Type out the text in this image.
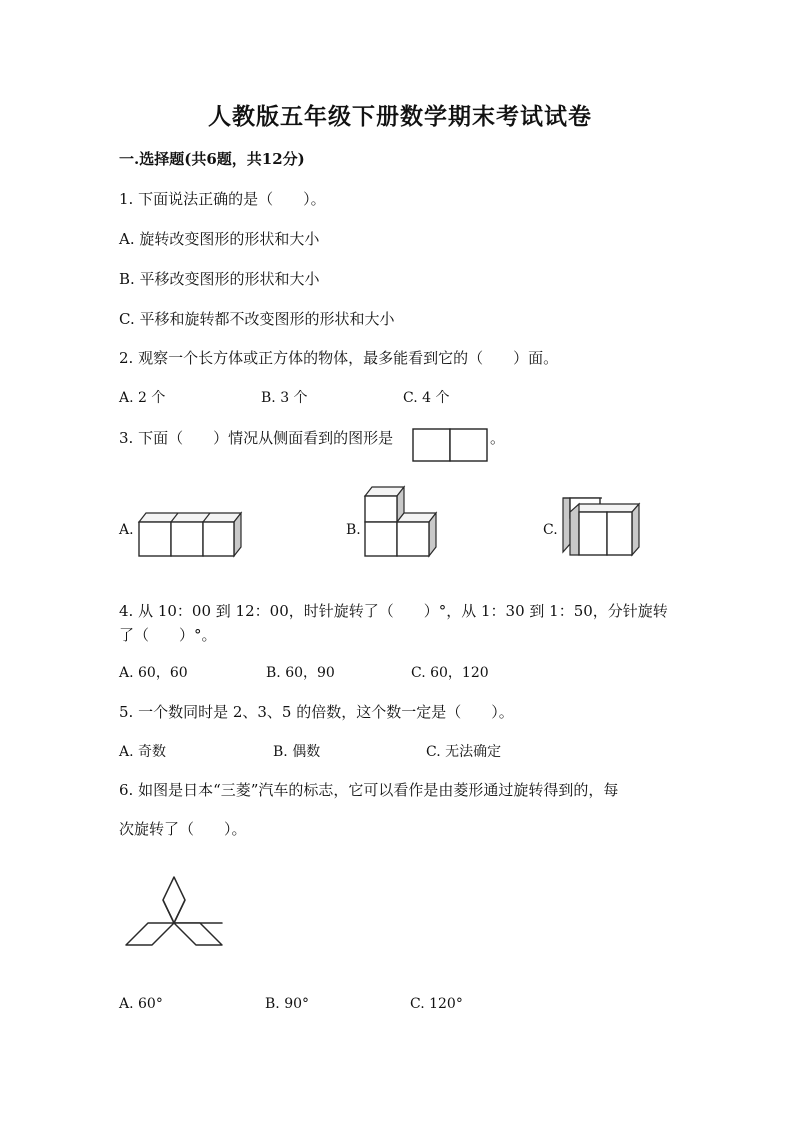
人教版五年级下册数学期末考试试卷
一.选择题(共6题，共12分)
1. 下面说法正确的是（　　）。
A. 旋转改变图形的形状和大小
B. 平移改变图形的形状和大小
C. 平移和旋转都不改变图形的形状和大小
2. 观察一个长方体或正方体的物体，最多能看到它的（　　）面。
A. 2 个	B. 3 个	C. 4 个
3. 下面（　　）情况从侧面看到的图形是	。
A.	B.	C.
4. 从 10：00 到 12：00，时针旋转了（　　）°，从 1：30 到 1：50，分针旋转
了（　　）°。
A. 60，60	B. 60，90	C. 60，120
5. 一个数同时是 2、3、5 的倍数，这个数一定是（　　）。
A. 奇数	B. 偶数	C. 无法确定
6. 如图是日本“三菱”汽车的标志，它可以看作是由菱形通过旋转得到的，每
次旋转了（　　）。
A. 60°	B. 90°	C. 120°
